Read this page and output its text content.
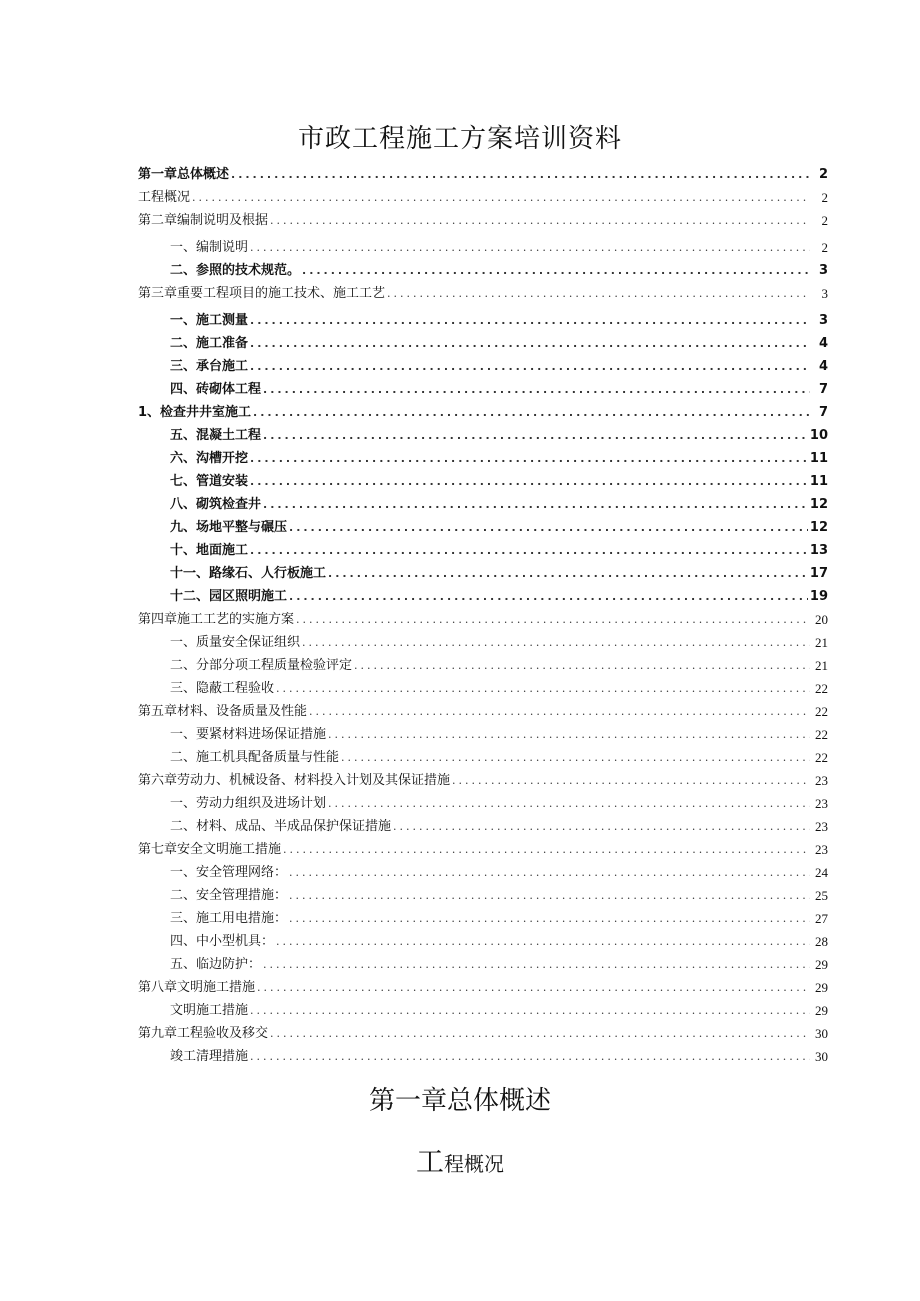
市政工程施工方案培训资料
第一章总体概述 .....	2
工程概况 .....	2
第二章编制说明及根据 .....	2
一、编制说明 .....	2
二、参照的技术规范。 .....	3
第三章重要工程项目的施工技术、施工工艺 .....	3
一、施工测量 .....	3
二、施工准备 .....	4
三、承台施工 .....	4
四、砖砌体工程 .....	7
1、检查井井室施工 .....	7
五、混凝土工程 .....	10
六、沟槽开挖 .....	11
七、管道安装 .....	11
八、砌筑检查井 .....	12
九、场地平整与碾压 .....	12
十、地面施工 .....	13
十一、路缘石、人行板施工 .....	17
十二、园区照明施工 .....	19
第四章施工工艺的实施方案 .....	20
一、质量安全保证组织 .....	21
二、分部分项工程质量检验评定 .....	21
三、隐蔽工程验收 .....	22
第五章材料、设备质量及性能 .....	22
一、要紧材料进场保证措施 .....	22
二、施工机具配备质量与性能 .....	22
第六章劳动力、机械设备、材料投入计划及其保证措施 .....	23
一、劳动力组织及进场计划 .....	23
二、材料、成品、半成品保护保证措施 .....	23
第七章安全文明施工措施 .....	23
一、安全管理网络： .....	24
二、安全管理措施： .....	25
三、施工用电措施： .....	27
四、中小型机具： .....	28
五、临边防护： .....	29
第八章文明施工措施 .....	29
文明施工措施 .....	29
第九章工程验收及移交 .....	30
竣工清理措施 .....	30
第一章总体概述
工程概况
